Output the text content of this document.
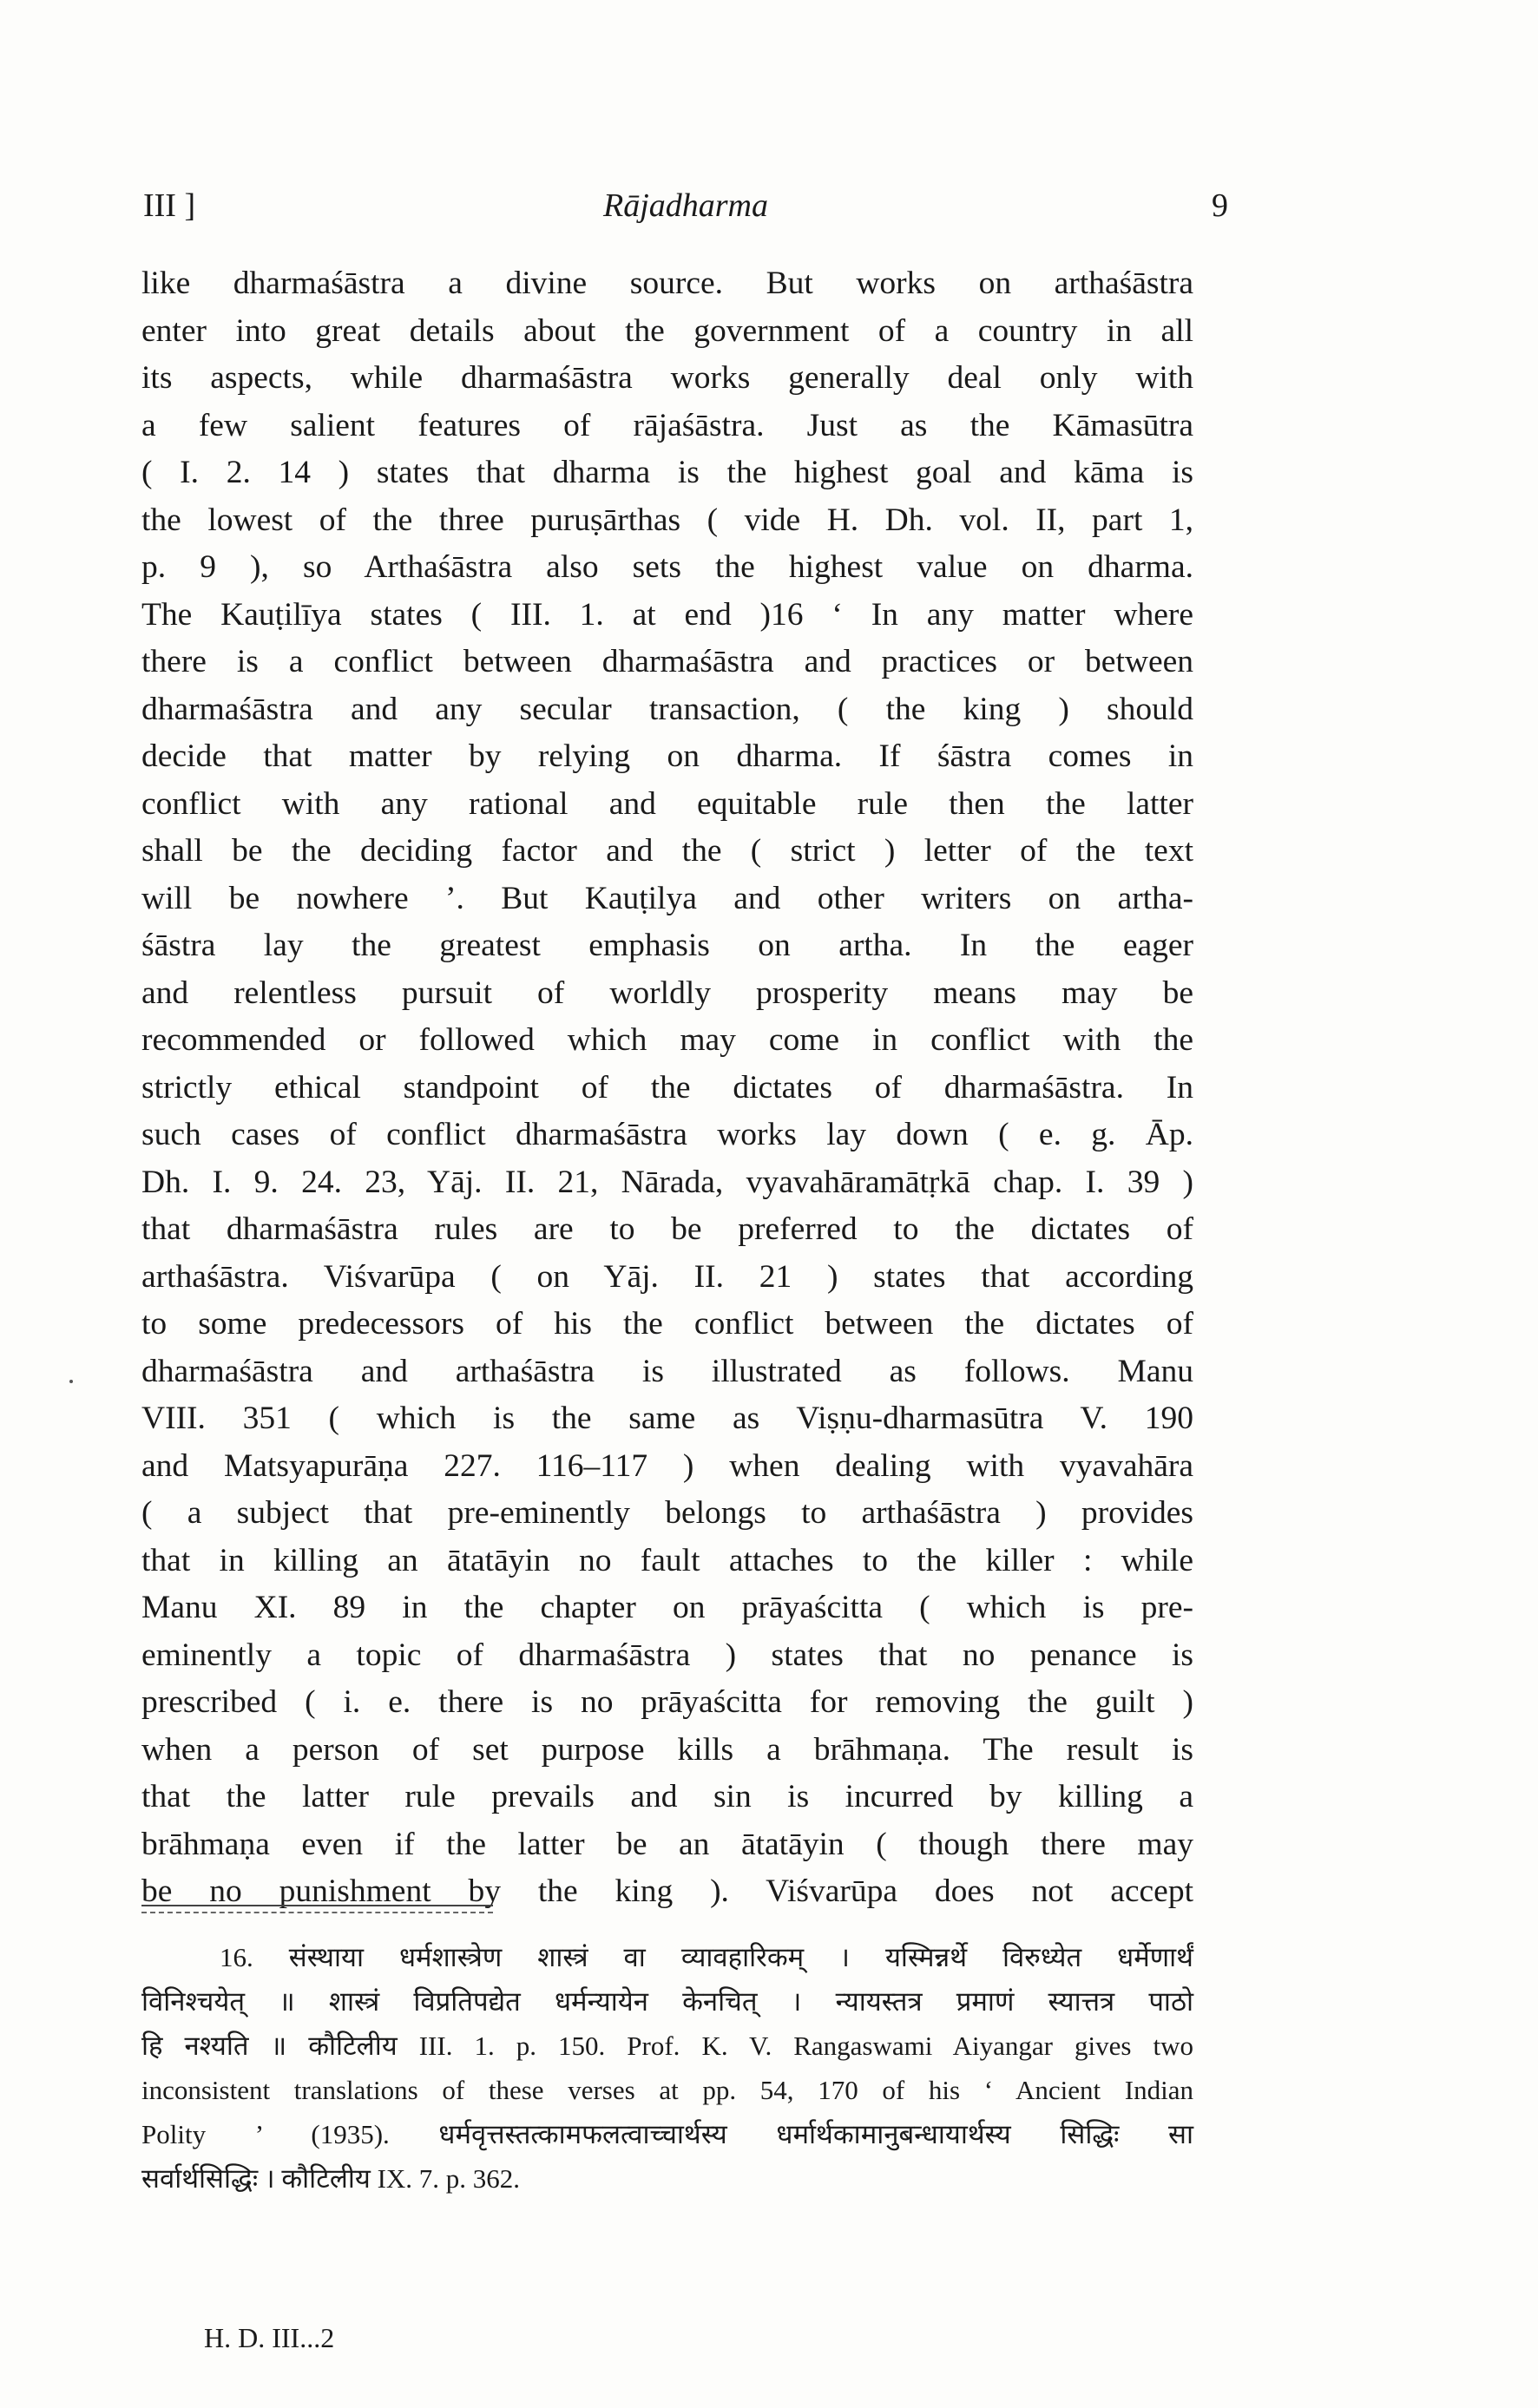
III ]	Rājadharma	9
like dharmaśāstra a divine source. But works on arthaśāstra
enter into great details about the government of a country in all
its aspects, while dharmaśāstra works generally deal only with
a few salient features of rājaśāstra. Just as the Kāmasūtra
( I. 2. 14 ) states that dharma is the highest goal and kāma is
the lowest of the three puruṣārthas ( vide H. Dh. vol. II, part 1,
p. 9 ), so Arthaśāstra also sets the highest value on dharma.
The Kauṭilīya states ( III. 1. at end )16 ‘ In any matter where
there is a conflict between dharmaśāstra and practices or between
dharmaśāstra and any secular transaction, ( the king ) should
decide that matter by relying on dharma. If śāstra comes in
conflict with any rational and equitable rule then the latter
shall be the deciding factor and the ( strict ) letter of the text
will be nowhere ’. But Kauṭilya and other writers on artha-
śāstra lay the greatest emphasis on artha. In the eager
and relentless pursuit of worldly prosperity means may be
recommended or followed which may come in conflict with the
strictly ethical standpoint of the dictates of dharmaśāstra. In
such cases of conflict dharmaśāstra works lay down ( e. g. Āp.
Dh. I. 9. 24. 23, Yāj. II. 21, Nārada, vyavahāramātṛkā chap. I. 39 )
that dharmaśāstra rules are to be preferred to the dictates of
arthaśāstra. Viśvarūpa ( on Yāj. II. 21 ) states that according
to some predecessors of his the conflict between the dictates of
dharmaśāstra and arthaśāstra is illustrated as follows. Manu
VIII. 351 ( which is the same as Viṣṇu-dharmasūtra V. 190
and Matsyapurāṇa 227. 116–117 ) when dealing with vyavahāra
( a subject that pre-eminently belongs to arthaśāstra ) provides
that in killing an ātatāyin no fault attaches to the killer : while
Manu XI. 89 in the chapter on prāyaścitta ( which is pre-
eminently a topic of dharmaśāstra ) states that no penance is
prescribed ( i. e. there is no prāyaścitta for removing the guilt )
when a person of set purpose kills a brāhmaṇa. The result is
that the latter rule prevails and sin is incurred by killing a
brāhmaṇa even if the latter be an ātatāyin ( though there may
be no punishment by the king ). Viśvarūpa does not accept
16. संस्थाया धर्मशास्त्रेण शास्त्रं वा व्यावहारिकम् । यस्मिन्नर्थे विरुध्येत धर्मेणार्थं
विनिश्चयेत् ॥ शास्त्रं विप्रतिपद्येत धर्मन्यायेन केनचित् । न्यायस्तत्र प्रमाणं स्यात्तत्र पाठो
हि नश्यति ॥ कौटिलीय III. 1. p. 150. Prof. K. V. Rangaswami Aiyangar gives two
inconsistent translations of these verses at pp. 54, 170 of his ‘ Ancient Indian
Polity ’ (1935). धर्मवृत्तस्तत्कामफलत्वाच्चार्थस्य धर्मार्थकामानुबन्धायार्थस्य सिद्धिः सा
सर्वार्थसिद्धिः । कौटिलीय IX. 7. p. 362.
H. D. III...2
